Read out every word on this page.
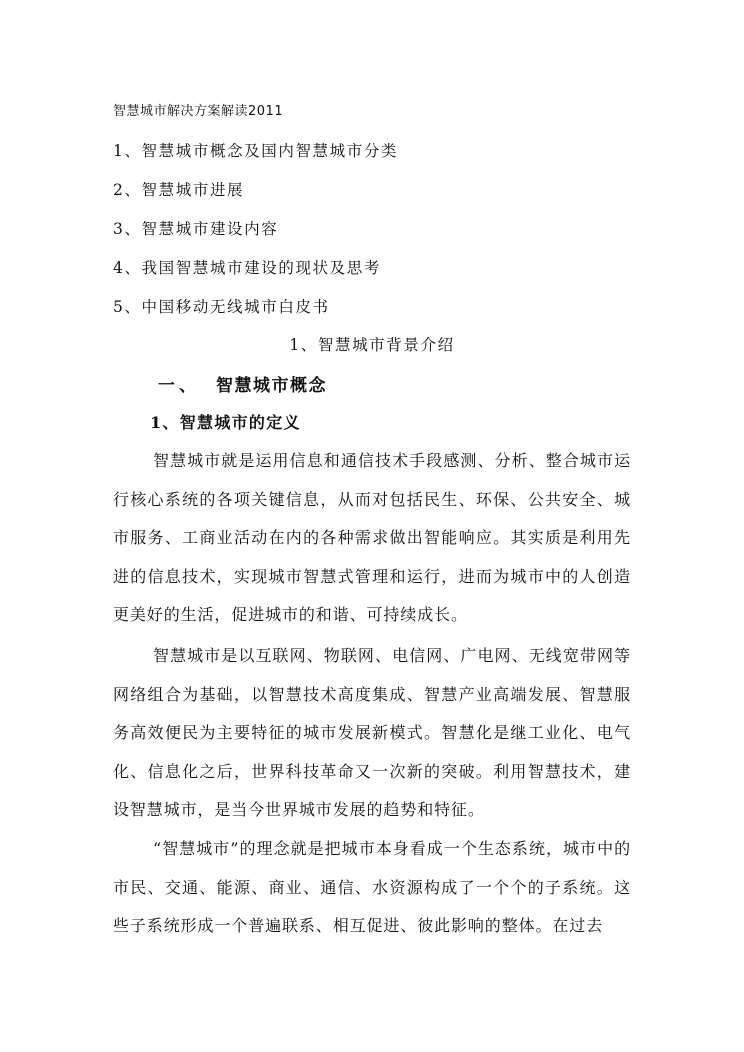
智慧城市解决方案解读2011
1、智慧城市概念及国内智慧城市分类
2、智慧城市进展
3、智慧城市建设内容
4、我国智慧城市建设的现状及思考
5、中国移动无线城市白皮书
1、智慧城市背景介绍
一、 智慧城市概念
1、智慧城市的定义

智慧城市就是运用信息和通信技术手段感测、分析、整合城市运行核心系统的各项关键信息，从而对包括民生、环保、公共安全、城市服务、工商业活动在内的各种需求做出智能响应。其实质是利用先进的信息技术，实现城市智慧式管理和运行，进而为城市中的人创造更美好的生活，促进城市的和谐、可持续成长。

智慧城市是以互联网、物联网、电信网、广电网、无线宽带网等网络组合为基础，以智慧技术高度集成、智慧产业高端发展、智慧服务高效便民为主要特征的城市发展新模式。智慧化是继工业化、电气化、信息化之后，世界科技革命又一次新的突破。利用智慧技术，建设智慧城市，是当今世界城市发展的趋势和特征。

“智慧城市”的理念就是把城市本身看成一个生态系统，城市中的市民、交通、能源、商业、通信、水资源构成了一个个的子系统。这些子系统形成一个普遍联系、相互促进、彼此影响的整体。在过去
